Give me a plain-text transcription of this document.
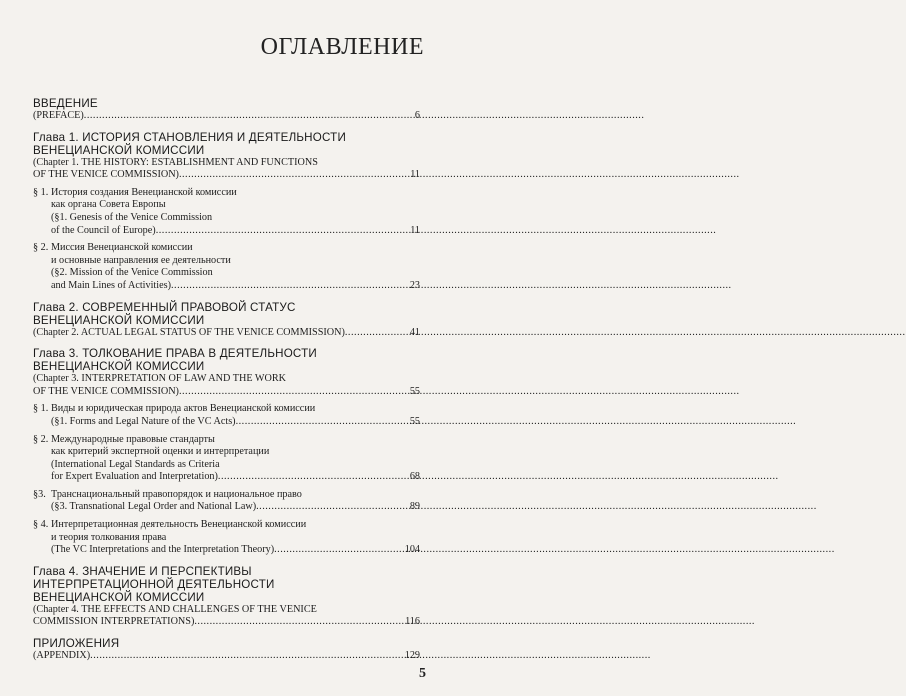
ОГЛАВЛЕНИЕ
ВВЕДЕНИЕ
(PREFACE) .....	6
Глава 1. ИСТОРИЯ СТАНОВЛЕНИЯ И ДЕЯТЕЛЬНОСТИ
ВЕНЕЦИАНСКОЙ КОМИССИИ
(Chapter 1. THE HISTORY: ESTABLISHMENT AND FUNCTIONS
OF THE VENICE COMMISSION) .....	11
§ 1. История создания Венецианской комиссии
как органа Совета Европы
(§1. Genesis of the Venice Commission
of the Council of Europe) .....	11
§ 2. Миссия Венецианской комиссии
и основные направления ее деятельности
(§2. Mission of the Venice Commission
and Main Lines of Activities) .....	23
Глава 2. СОВРЕМЕННЫЙ ПРАВОВОЙ СТАТУС
ВЕНЕЦИАНСКОЙ КОМИССИИ
(Chapter 2. ACTUAL LEGAL STATUS OF THE VENICE COMMISSION) .....	41
Глава 3. ТОЛКОВАНИЕ ПРАВА В ДЕЯТЕЛЬНОСТИ
ВЕНЕЦИАНСКОЙ КОМИССИИ
(Chapter 3. INTERPRETATION OF LAW AND THE WORK
OF THE VENICE COMMISSION) .....	55
§ 1. Виды и юридическая природа актов Венецианской комиссии
(§1. Forms and Legal Nature of the VC Acts) .....	55
§ 2. Международные правовые стандарты
как критерий экспертной оценки и интерпретации
(International Legal Standards as Criteria
for Expert Evaluation and Interpretation) .....	68
§3. Транснациональный правопорядок и национальное право
(§3. Transnational Legal Order and National Law) .....	89
§ 4. Интерпретационная деятельность Венецианской комиссии
и теория толкования права
(The VC Interpretations and the Interpretation Theory) .....	104
Глава 4. ЗНАЧЕНИЕ И ПЕРСПЕКТИВЫ
ИНТЕРПРЕТАЦИОННОЙ ДЕЯТЕЛЬНОСТИ
ВЕНЕЦИАНСКОЙ КОМИССИИ
(Chapter 4. THE EFFECTS AND CHALLENGES OF THE VENICE
COMMISSION INTERPRETATIONS) .....	116
ПРИЛОЖЕНИЯ
(APPENDIX) .....	129
5
